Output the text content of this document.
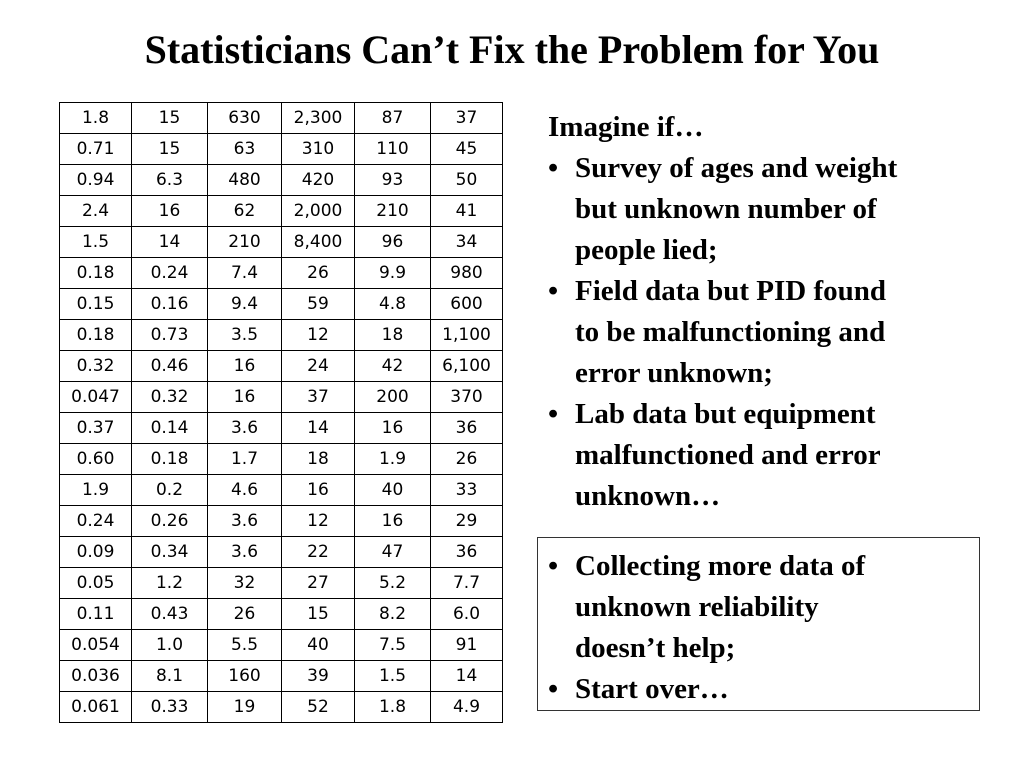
Statisticians Can’t Fix the Problem for You
1.8	15	630	2,300	87	37
0.71	15	63	310	110	45
0.94	6.3	480	420	93	50
2.4	16	62	2,000	210	41
1.5	14	210	8,400	96	34
0.18	0.24	7.4	26	9.9	980
0.15	0.16	9.4	59	4.8	600
0.18	0.73	3.5	12	18	1,100
0.32	0.46	16	24	42	6,100
0.047	0.32	16	37	200	370
0.37	0.14	3.6	14	16	36
0.60	0.18	1.7	18	1.9	26
1.9	0.2	4.6	16	40	33
0.24	0.26	3.6	12	16	29
0.09	0.34	3.6	22	47	36
0.05	1.2	32	27	5.2	7.7
0.11	0.43	26	15	8.2	6.0
0.054	1.0	5.5	40	7.5	91
0.036	8.1	160	39	1.5	14
0.061	0.33	19	52	1.8	4.9
Imagine if…
• Survey of ages and weight
but unknown number of
people lied;
• Field data but PID found
to be malfunctioning and
error unknown;
• Lab data but equipment
malfunctioned and error
unknown…
• Collecting more data of
unknown reliability
doesn’t help;
• Start over…
